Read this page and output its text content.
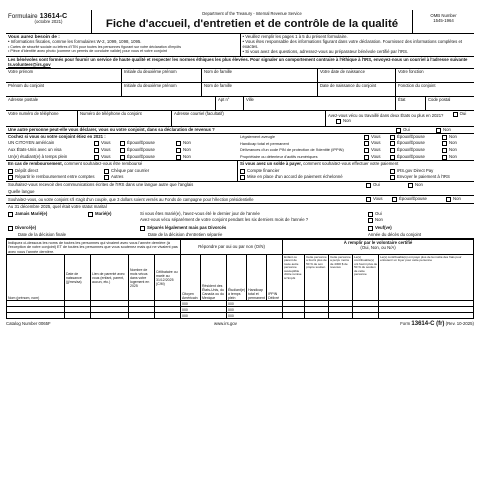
Formulaire 13614-C
(octobre 2021)
Department of the Treasury - Internal Revenue Service
Fiche d'accueil, d'entretien et de contrôle de la qualité
OMB Number
1545-1964
Vous aurez besoin de :
• Informations fiscales, comme les formulaires W-2, 1099, 1098, 1095.
• Cartes de sécurité sociale ou lettres d'ITIN pour toutes les personnes figurant sur votre déclaration d'impôts
• Pièce d'identité avec photo (comme un permis de conduire valide) pour vous et votre conjoint
• Veuillez remplir les pages 1 à 5 du présent formulaire.
• Vous êtes responsable des informations figurant dans votre déclaration. Fournissez des informations complètes et exactes.
• Si vous avez des questions, adressez-vous au préparateur bénévole certifié par l'IRS.
Les bénévoles sont formés pour fournir un service de haute qualité et respecter les normes éthiques les plus élevées. Pour signaler un comportement contraire à l'éthique à l'IRS, envoyez-nous un courriel à l'adresse suivante ts.volunteer@irs.gov
Votre prénom	Initiale du deuxième prénom	Nom de famille	Votre date de naissance	Votre fonction
Prénom du conjoint	Initiale du deuxième prénom	Nom de famille	Date de naissance du conjoint	Fonction du conjoint
Adresse postale	Apt n°	Ville	État	Code postal
Votre numéro de téléphone	Numéro de téléphone du conjoint	Adresse courriel (facultatif)	Avez-vous vécu ou travaillé dans deux États ou plus en 2021?	Oui

Non
Une autre personne peut-elle vous déclarer, vous ou votre conjoint, dans sa déclaration de revenus ?	Oui	Non
Cochez si vous ou votre conjoint étiez en 2021 :
UN CITOYEN américain	Vous	Époux/Épouse	Non
Aux États-Unis avec un visa	Vous	Époux/Épouse	Non
Un(e) étudiant(e) à temps plein	Vous	Époux/Épouse	Non
Légalement aveugle	Vous	Époux/Épouse	Non
Handicap total et permanent	Vous	Époux/Épouse	Non
Délivrances d'un code PIN de protection de l'identité (IPPIN)	Vous	Époux/Épouse	Non
Propriétaire ou détenteur d'actifs numériques	Vous	Époux/Épouse	Non
En cas de remboursement,
comment souhaitez-vous être remboursé
Dépôt direct	Chèque par courrier
Répartir le remboursement entre comptes	Autres
Si vous avez un solde à payer,
comment souhaitez-vous effectuer votre paiement
Compte financier	IRS.gov Direct Pay
Mise en place d'un accord de paiement échelonné	Envoyer le paiement à l'IRS
Souhaitez-vous recevoir des communications écrites de l'IRS dans une langue autre que l'anglais	Oui	Non
Quelle langue
Souhaitez-vous, ou votre conjoint s'il s'agit d'un couple, que 3 dollars soient versés au Fonds de campagne pour l'élection présidentielle	Vous	Époux/Épouse	Non
Au 31 décembre 2025, quel était votre statut marital
Jamais Marié(e)	Marié(e)	Si vous êtes marié(e), l'avez-vous été le dernier jour de l'année	Oui
Avez-vous vécu séparément de votre conjoint pendant les six derniers mois de l'année ?	Non
Divorcé(e)	Séparés légalement mais pas Divorcés	Veuf(ve)
Date de la décision finale	Date de la décision d'entretien séparée	Année du décès du conjoint
Indiquez ci-dessous les noms de toutes les personnes qui vivaient avec vous l'année dernière (à l'exception de votre conjoint) ET de toutes les personnes que vous soutenez mais qui ne vivaient pas avec vous l'année dernière.					Répondre par oui ou par non (O/N)					À remplir par le volontaire certifié
(Oui, Non, ou N/A)				
Nom (prénom, nom)	Date de naissance (jj/mm/aa)	Lien de parenté avec vous (enfant, parent, aucun, etc.)	Nombre de mois vécus dans votre logement en 2025	Célibataire ou marié au 31/12/2025 (C/M)	Citoyen Américain	Résident des États-Unis, du Canada ou du Mexique	Étudiant(e) à temps plein	Handicap total et permanent	IPPIN Délivré	Enfant ou parent de toute autre personne susceptible d'être remise à l'impôt	Cette personne a fourni plus de 50 % de son propre soutien	Cette personne a perçu moins de 4300 $ de revenus	Le(s) contribuable(s) ont fourni plus de 50 % du soutien de cette personne	Le(s) contribuable(s) ont payé plus de la moitié des frais pour entretenir un foyer pour cette personne
					000		000							
					000		000							
					000		000							
Catalog Number 0065F	www.irs.gov	Form 13614-C (fr) (Rev. 10-2025)
